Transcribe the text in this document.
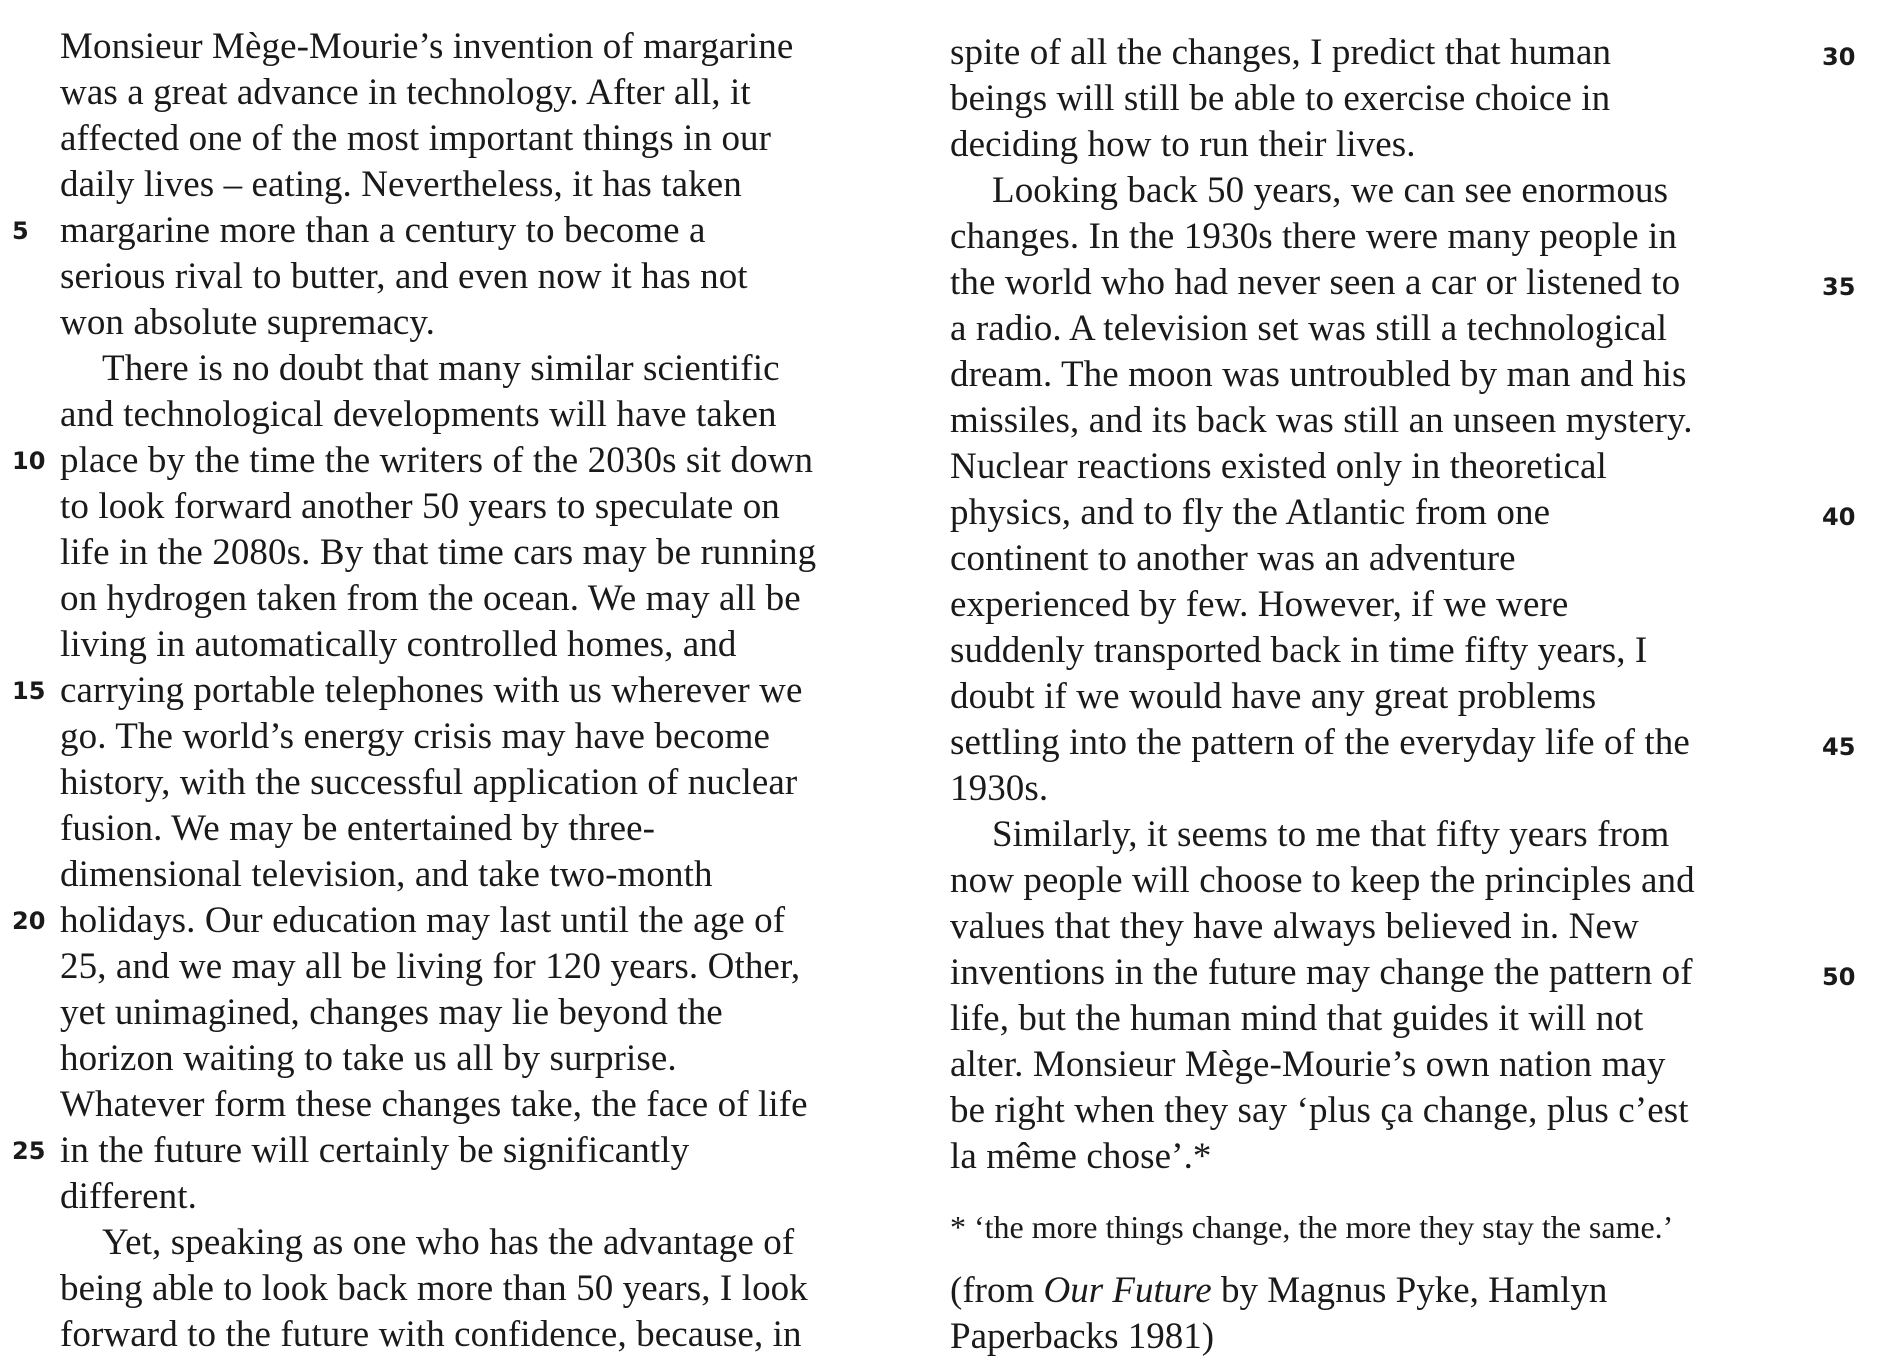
Monsieur Mège-Mourie’s invention of margarine
was a great advance in technology. After all, it
affected one of the most important things in our
daily lives – eating. Nevertheless, it has taken
margarine more than a century to become a
serious rival to butter, and even now it has not
won absolute supremacy.
There is no doubt that many similar scientific
and technological developments will have taken
place by the time the writers of the 2030s sit down
to look forward another 50 years to speculate on
life in the 2080s. By that time cars may be running
on hydrogen taken from the ocean. We may all be
living in automatically controlled homes, and
carrying portable telephones with us wherever we
go. The world’s energy crisis may have become
history, with the successful application of nuclear
fusion. We may be entertained by three-
dimensional television, and take two-month
holidays. Our education may last until the age of
25, and we may all be living for 120 years. Other,
yet unimagined, changes may lie beyond the
horizon waiting to take us all by surprise.
Whatever form these changes take, the face of life
in the future will certainly be significantly
different.
Yet, speaking as one who has the advantage of
being able to look back more than 50 years, I look
forward to the future with confidence, because, in
5
10
15
20
25
spite of all the changes, I predict that human
beings will still be able to exercise choice in
deciding how to run their lives.
Looking back 50 years, we can see enormous
changes. In the 1930s there were many people in
the world who had never seen a car or listened to
a radio. A television set was still a technological
dream. The moon was untroubled by man and his
missiles, and its back was still an unseen mystery.
Nuclear reactions existed only in theoretical
physics, and to fly the Atlantic from one
continent to another was an adventure
experienced by few. However, if we were
suddenly transported back in time fifty years, I
doubt if we would have any great problems
settling into the pattern of the everyday life of the
1930s.
Similarly, it seems to me that fifty years from
now people will choose to keep the principles and
values that they have always believed in. New
inventions in the future may change the pattern of
life, but the human mind that guides it will not
alter. Monsieur Mège-Mourie’s own nation may
be right when they say ‘plus ça change, plus c’est
la même chose’.*
30
35
40
45
50
* ‘the more things change, the more they stay the same.’
(from Our Future by Magnus Pyke, Hamlyn
Paperbacks 1981)
